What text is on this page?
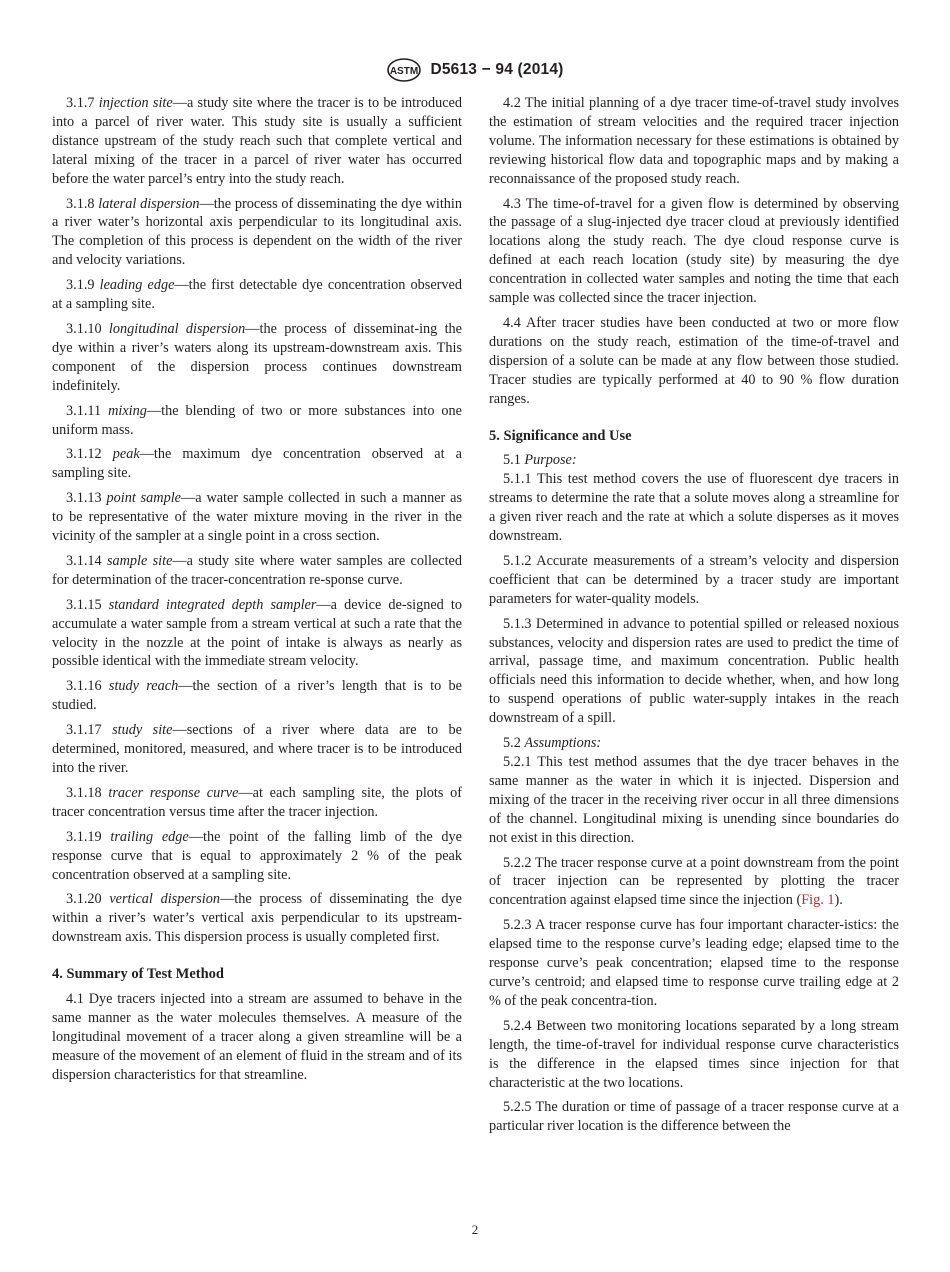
ASTM D5613 − 94 (2014)

3.1.7 injection site—a study site where the tracer is to be introduced into a parcel of river water. This study site is usually a sufficient distance upstream of the study reach such that complete vertical and lateral mixing of the tracer in a parcel of river water has occurred before the water parcel’s entry into the study reach.

3.1.8 lateral dispersion—the process of disseminating the dye within a river water’s horizontal axis perpendicular to its longitudinal axis. The completion of this process is dependent on the width of the river and velocity variations.

3.1.9 leading edge—the first detectable dye concentration observed at a sampling site.

3.1.10 longitudinal dispersion—the process of disseminat-ing the dye within a river’s waters along its upstream-downstream axis. This component of the dispersion process continues downstream indefinitely.

3.1.11 mixing—the blending of two or more substances into one uniform mass.

3.1.12 peak—the maximum dye concentration observed at a sampling site.

3.1.13 point sample—a water sample collected in such a manner as to be representative of the water mixture moving in the river in the vicinity of the sampler at a single point in a cross section.

3.1.14 sample site—a study site where water samples are collected for determination of the tracer-concentration re-sponse curve.

3.1.15 standard integrated depth sampler—a device de-signed to accumulate a water sample from a stream vertical at such a rate that the velocity in the nozzle at the point of intake is always as nearly as possible identical with the immediate stream velocity.

3.1.16 study reach—the section of a river’s length that is to be studied.

3.1.17 study site—sections of a river where data are to be determined, monitored, measured, and where tracer is to be introduced into the river.

3.1.18 tracer response curve—at each sampling site, the plots of tracer concentration versus time after the tracer injection.

3.1.19 trailing edge—the point of the falling limb of the dye response curve that is equal to approximately 2 % of the peak concentration observed at a sampling site.

3.1.20 vertical dispersion—the process of disseminating the dye within a river’s water’s vertical axis perpendicular to its upstream-downstream axis. This dispersion process is usually completed first.

4. Summary of Test Method

4.1 Dye tracers injected into a stream are assumed to behave in the same manner as the water molecules themselves. A measure of the longitudinal movement of a tracer along a given streamline will be a measure of the movement of an element of fluid in the stream and of its dispersion characteristics for that streamline.

4.2 The initial planning of a dye tracer time-of-travel study involves the estimation of stream velocities and the required tracer injection volume. The information necessary for these estimations is obtained by reviewing historical flow data and topographic maps and by making a reconnaissance of the proposed study reach.

4.3 The time-of-travel for a given flow is determined by observing the passage of a slug-injected dye tracer cloud at previously identified locations along the study reach. The dye cloud response curve is defined at each reach location (study site) by measuring the dye concentration in collected water samples and noting the time that each sample was collected since the tracer injection.

4.4 After tracer studies have been conducted at two or more flow durations on the study reach, estimation of the time-of-travel and dispersion of a solute can be made at any flow between those studied. Tracer studies are typically performed at 40 to 90 % flow duration ranges.

5. Significance and Use

5.1 Purpose:

5.1.1 This test method covers the use of fluorescent dye tracers in streams to determine the rate that a solute moves along a streamline for a given river reach and the rate at which a solute disperses as it moves downstream.

5.1.2 Accurate measurements of a stream’s velocity and dispersion coefficient that can be determined by a tracer study are important parameters for water-quality models.

5.1.3 Determined in advance to potential spilled or released noxious substances, velocity and dispersion rates are used to predict the time of arrival, passage time, and maximum concentration. Public health officials need this information to decide whether, when, and how long to suspend operations of public water-supply intakes in the reach downstream of a spill.

5.2 Assumptions:

5.2.1 This test method assumes that the dye tracer behaves in the same manner as the water in which it is injected. Dispersion and mixing of the tracer in the receiving river occur in all three dimensions of the channel. Longitudinal mixing is unending since boundaries do not exist in this direction.

5.2.2 The tracer response curve at a point downstream from the point of tracer injection can be represented by plotting the tracer concentration against elapsed time since the injection (Fig. 1).

5.2.3 A tracer response curve has four important character-istics: the elapsed time to the response curve’s leading edge; elapsed time to the response curve’s peak concentration; elapsed time to the response curve’s centroid; and elapsed time to response curve trailing edge at 2 % of the peak concentra-tion.

5.2.4 Between two monitoring locations separated by a long stream length, the time-of-travel for individual response curve characteristics is the difference in the elapsed times since injection for that characteristic at the two locations.

5.2.5 The duration or time of passage of a tracer response curve at a particular river location is the difference between the

2
